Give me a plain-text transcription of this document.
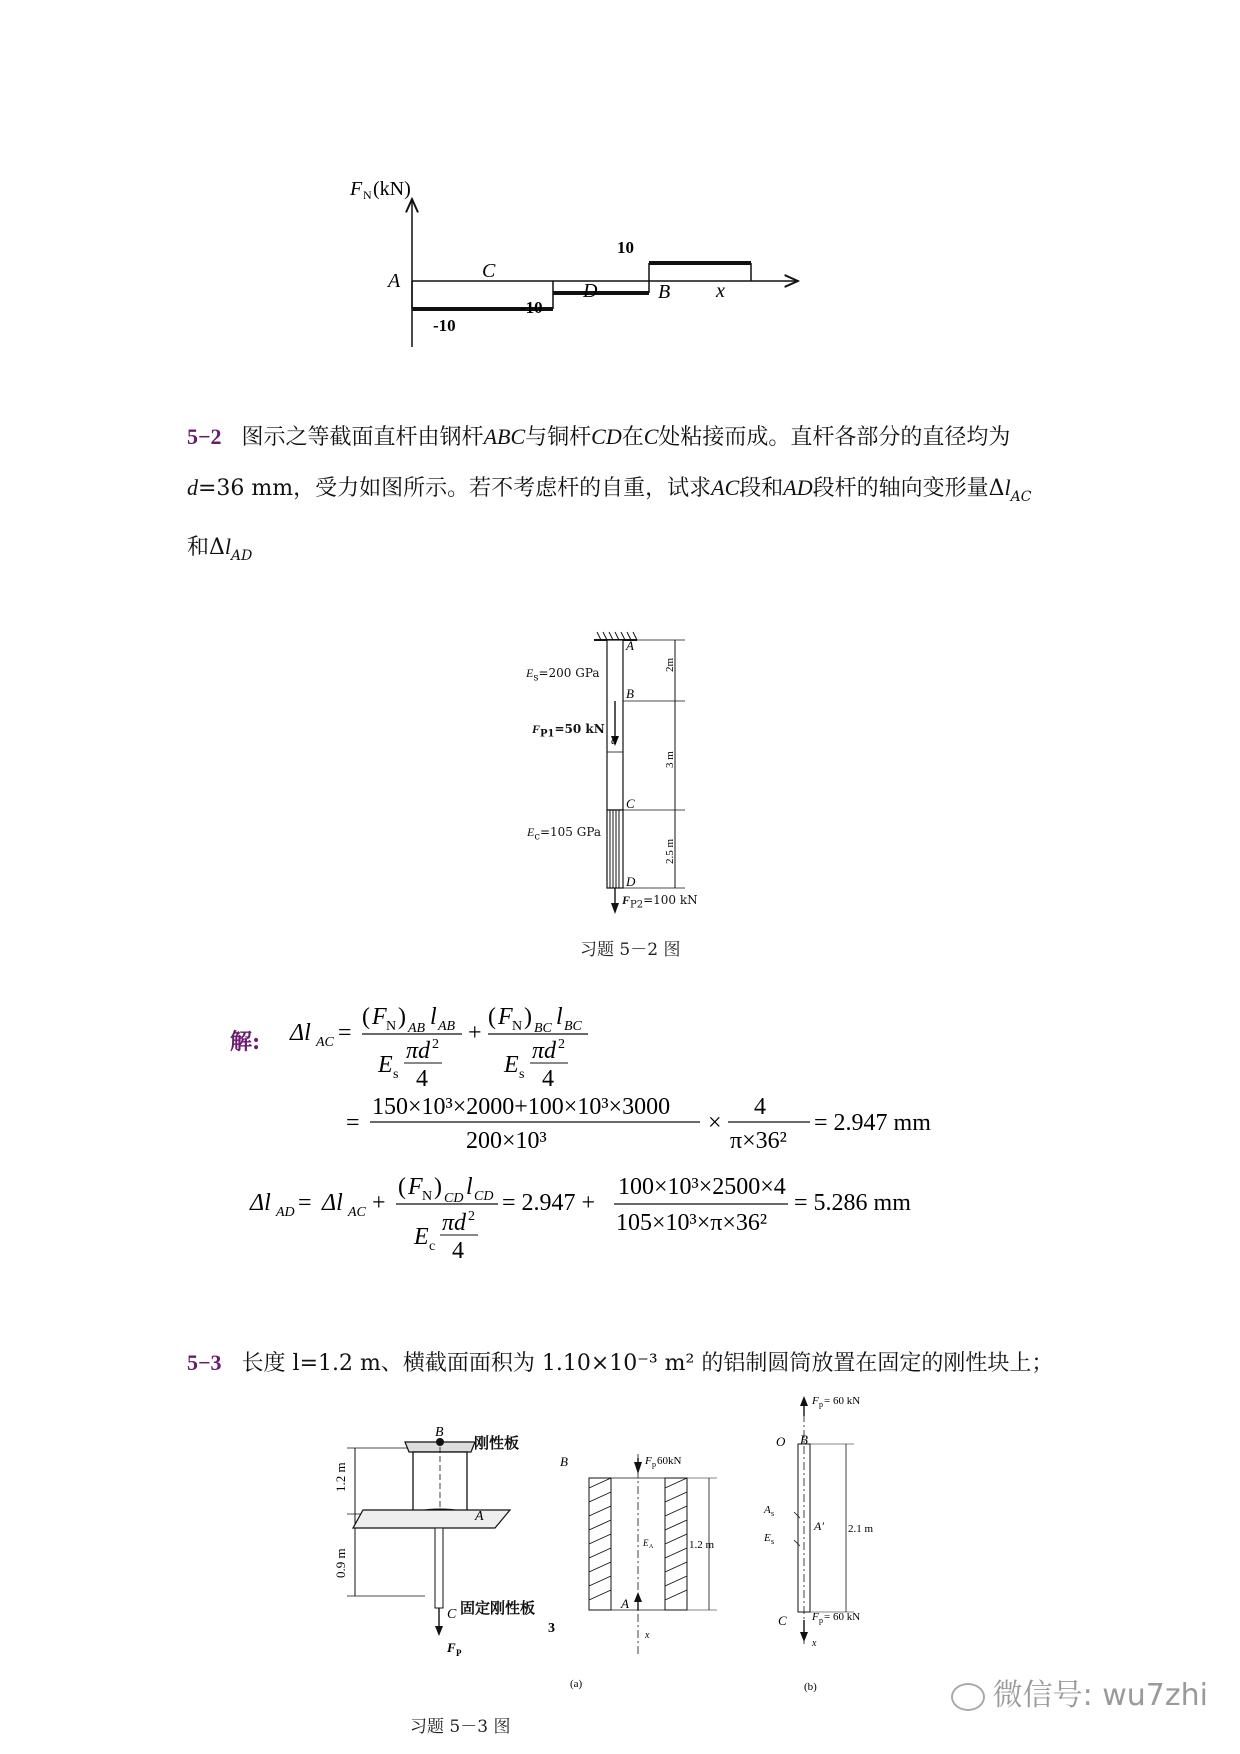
F N (kN)
A	C
D	B x
-10
-10
10
5−2 图示之等截面直杆由钢杆ABC与铜杆CD在C处粘接而成。直杆各部分的直径均为d=36 mm，受力如图所示。若不考虑杆的自重，试求AC段和AD段杆的轴向变形量$\Delta l_{AC}$
和$\Delta l_{AD}$
A
B
C
D
2m
3 m
2.5 m
d
$E_s=200$ GPa
$F_{P1}=50$ kN
$E_c=105$ GPa
$F_{P2}=100$ kN
习题 5－2 图
解: Δl AC =
( F N ) AB l AB
E s
πd 2
4
+
( F N ) BC l BC
E s
πd 2
4
=
150×10³×2000+100×10³×3000
200×10³
×
4
π×36²
= 2.947 mm
Δl AD = Δl AC +
( F N ) CD l CD
E c
πd 2
4
= 2.947 +
100×10³×2500×4
105×10³×π×36²
= 5.286 mm
5−3 长度 l=1.2 m、横截面面积为 1.10×10⁻³ m² 的铝制圆筒放置在固定的刚性块上；
1.2 m
0.9 m
B
A
C
F P
刚性板
固定刚性板
习题 5－3 图
B	F p 60kN
E A	1.2 m
A
3	x
(a)
F p = 60 kN
O B
A s
E s
A' 2.1 m
C F p = 60 kN
x
(b)	微信号: wu7zhi
